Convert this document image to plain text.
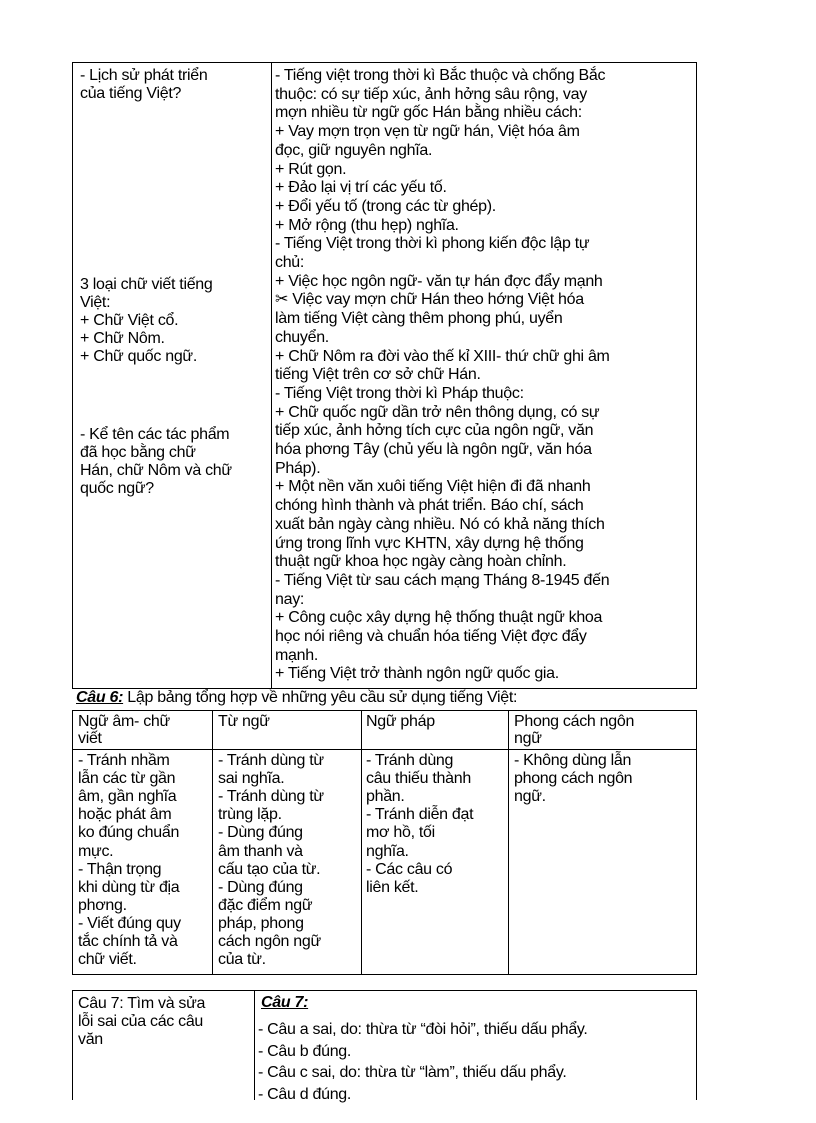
- Lịch sử phát triển
của tiếng Việt?
3 loại chữ viết tiếng
Việt:
+ Chữ Việt cổ.
+ Chữ Nôm.
+ Chữ quốc ngữ.
- Kể tên các tác phẩm
đã học bằng chữ
Hán, chữ Nôm và chữ
quốc ngữ?
- Tiếng việt trong thời kì Bắc thuộc và chống Bắc
thuộc: có sự tiếp xúc, ảnh hởng sâu rộng, vay
mợn nhiều từ ngữ gốc Hán bằng nhiều cách:
+ Vay mợn trọn vẹn từ ngữ hán, Việt hóa âm
đọc, giữ nguyên nghĩa.
+ Rút gọn.
+ Đảo lại vị trí các yếu tố.
+ Đổi yếu tố (trong các từ ghép).
+ Mở rộng (thu hẹp) nghĩa.
- Tiếng Việt trong thời kì phong kiến độc lập tự
chủ:
+ Việc học ngôn ngữ- văn tự hán đợc đẩy mạnh
✂ Việc vay mợn chữ Hán theo hớng Việt hóa
làm tiếng Việt càng thêm phong phú, uyển
chuyển.
+ Chữ Nôm ra đời vào thế kỉ XIII- thứ chữ ghi âm
tiếng Việt trên cơ sở chữ Hán.
- Tiếng Việt trong thời kì Pháp thuộc:
+ Chữ quốc ngữ dần trở nên thông dụng, có sự
tiếp xúc, ảnh hởng tích cực của ngôn ngữ, văn
hóa phơng Tây (chủ yếu là ngôn ngữ, văn hóa
Pháp).
+ Một nền văn xuôi tiếng Việt hiện đi đã nhanh
chóng hình thành và phát triển. Báo chí, sách
xuất bản ngày càng nhiều. Nó có khả năng thích
ứng trong lĩnh vực KHTN, xây dựng hệ thống
thuật ngữ khoa học ngày càng hoàn chỉnh.
- Tiếng Việt từ sau cách mạng Tháng 8-1945 đến
nay:
+ Công cuộc xây dựng hệ thống thuật ngữ khoa
học nói riêng và chuẩn hóa tiếng Việt đợc đẩy
mạnh.
+ Tiếng Việt trở thành ngôn ngữ quốc gia.
Câu 6: Lập bảng tổng hợp về những yêu cầu sử dụng tiếng Việt:
Ngữ âm- chữ
viết
Từ ngữ	Ngữ pháp	Phong cách ngôn
ngữ
- Tránh nhầm
lẫn các từ gần
âm, gần nghĩa
hoặc phát âm
ko đúng chuẩn
mực.
- Thận trọng
khi dùng từ địa
phơng.
- Viết đúng quy
tắc chính tả và
chữ viết.
- Tránh dùng từ
sai nghĩa.
- Tránh dùng từ
trùng lặp.
- Dùng đúng
âm thanh và
cấu tạo của từ.
- Dùng đúng
đặc điểm ngữ
pháp, phong
cách ngôn ngữ
của từ.
- Tránh dùng
câu thiếu thành
phần.
- Tránh diễn đạt
mơ hồ, tối
nghĩa.
- Các câu có
liên kết.
- Không dùng lẫn
phong cách ngôn
ngữ.
Câu 7: Tìm và sửa
lỗi sai của các câu
văn
Câu 7:
- Câu a sai, do: thừa từ “đòi hỏi”, thiếu dấu phẩy.
- Câu b đúng.
- Câu c sai, do: thừa từ “làm”, thiếu dấu phẩy.
- Câu d đúng.
